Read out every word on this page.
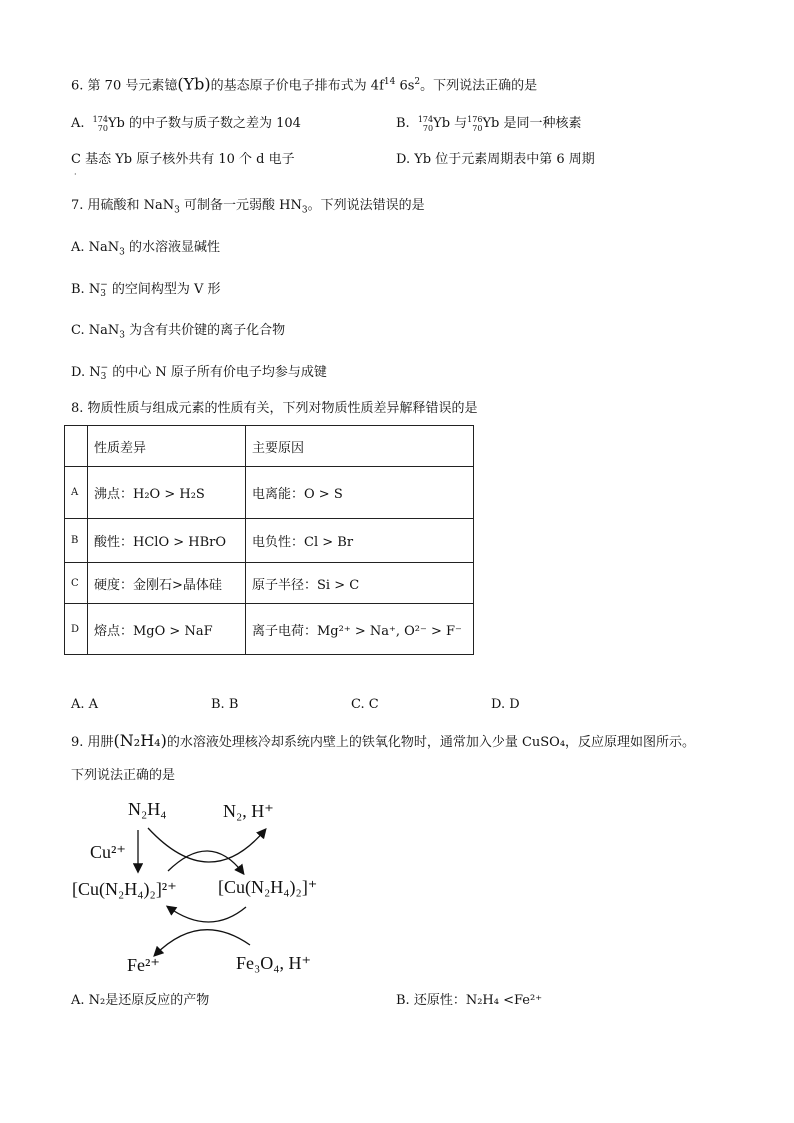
6. 第 70 号元素镱(Yb)的基态原子价电子排布式为 $4f^{14}$ $6s^2$。下列说法正确的是
A. 174
70Yb 的中子数与质子数之差为 104	B. 174
70Yb 与176
70Yb 是同一种核素
C 基态 Yb 原子核外共有 10 个 d 电子
·
D. Yb 位于元素周期表中第 6 周期
7. 用硫酸和 NaN$_3$ 可制备一元弱酸 $HN_3$。下列说法错误的是
A. NaN$_3$ 的水溶液显碱性
B. N−
3 的空间构型为 V 形
C. NaN$_3$ 为含有共价键的离子化合物
D. N−
3 的中心 N 原子所有价电子均参与成键
8. 物质性质与组成元素的性质有关，下列对物质性质差异解释错误的是
	性质差异	主要原因
A	沸点：H₂O > H₂S	电离能：O > S
B	酸性：HClO > HBrO	电负性：Cl > Br
C	硬度：金刚石>晶体硅	原子半径：Si > C
D	熔点：MgO > NaF	离子电荷：Mg²⁺ > Na⁺, O²⁻ > F⁻
A. A	B. B	C. C	D. D
9. 用肼(N₂H₄)的水溶液处理核冷却系统内壁上的铁氧化物时，通常加入少量 CuSO₄，反应原理如图所示。
下列说法正确的是
N₂H₄	N₂, H⁺
Cu²⁺
[Cu(N₂H₄)₂]²⁺ [Cu(N₂H₄)₂]⁺
Fe²⁺	Fe₃O₄, H⁺
A. N₂是还原反应的产物	B. 还原性：N₂H₄ <Fe²⁺
